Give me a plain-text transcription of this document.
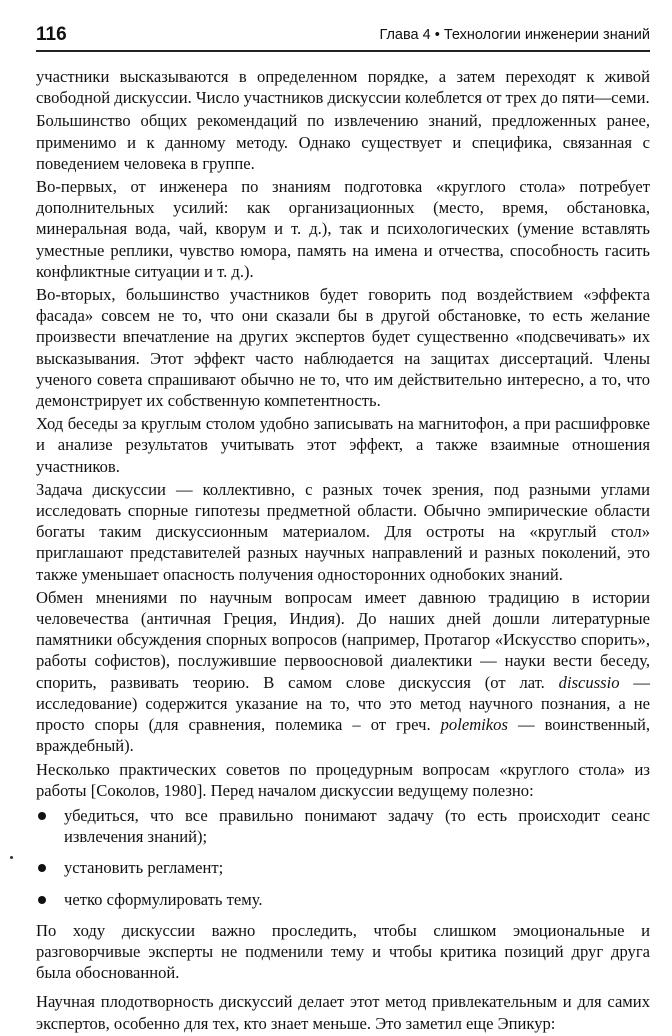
116	Глава 4 • Технологии инженерии знаний

участники высказываются в определенном порядке, а затем переходят к живой свободной дискуссии. Число участников дискуссии колеблется от трех до пяти—семи.

Большинство общих рекомендаций по извлечению знаний, предложенных ранее, применимо и к данному методу. Однако существует и специфика, связанная с поведением человека в группе.

Во-первых, от инженера по знаниям подготовка «круглого стола» потребует дополнительных усилий: как организационных (место, время, обстановка, минеральная вода, чай, кворум и т. д.), так и психологических (умение вставлять уместные реплики, чувство юмора, память на имена и отчества, способность гасить конфликтные ситуации и т. д.).

Во-вторых, большинство участников будет говорить под воздействием «эффекта фасада» совсем не то, что они сказали бы в другой обстановке, то есть желание произвести впечатление на других экспертов будет существенно «подсвечивать» их высказывания. Этот эффект часто наблюдается на защитах диссертаций. Члены ученого совета спрашивают обычно не то, что им действительно интересно, а то, что демонстрирует их собственную компетентность.

Ход беседы за круглым столом удобно записывать на магнитофон, а при расшифровке и анализе результатов учитывать этот эффект, а также взаимные отношения участников.

Задача дискуссии — коллективно, с разных точек зрения, под разными углами исследовать спорные гипотезы предметной области. Обычно эмпирические области богаты таким дискуссионным материалом. Для остроты на «круглый стол» приглашают представителей разных научных направлений и разных поколений, это также уменьшает опасность получения односторонних однобоких знаний.

Обмен мнениями по научным вопросам имеет давнюю традицию в истории человечества (античная Греция, Индия). До наших дней дошли литературные памятники обсуждения спорных вопросов (например, Протагор «Искусство спорить», работы софистов), послужившие первоосновой диалектики — науки вести беседу, спорить, развивать теорию. В самом слове дискуссия (от лат. discussio — исследование) содержится указание на то, что это метод научного познания, а не просто споры (для сравнения, полемика – от греч. polemikos — воинственный, враждебный).

Несколько практических советов по процедурным вопросам «круглого стола» из работы [Соколов, 1980]. Перед началом дискуссии ведущему полезно:

убедиться, что все правильно понимают задачу (то есть происходит сеанс извлечения знаний);
установить регламент;
четко сформулировать тему.

По ходу дискуссии важно проследить, чтобы слишком эмоциональные и разговорчивые эксперты не подменили тему и чтобы критика позиций друг друга была обоснованной.

Научная плодотворность дискуссий делает этот метод привлекательным и для самих экспертов, особенно для тех, кто знает меньше. Это заметил еще Эпикур:
